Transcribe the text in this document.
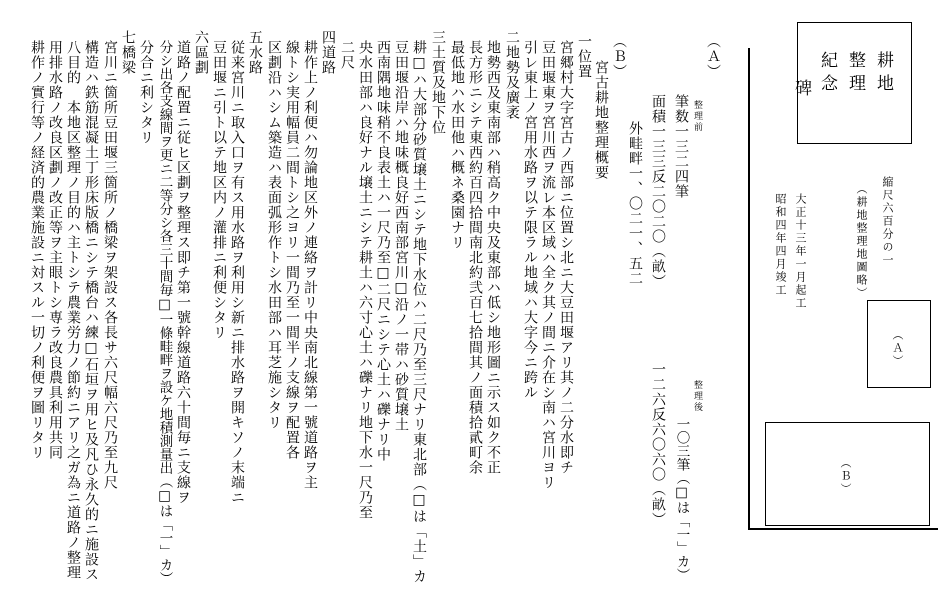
（Ａ）	耕地
整理
紀念
碑
縮尺六百分の一
（耕地整理地圖略）
大正十三年一月起工
昭和四年四月竣工
（Ａ）
（Ｂ）
整理後
一〇三筆（□は「一」カ）
一二六反六〇六〇（畝）
整理前
筆数一三二四筆
面積一三三反二〇二〇（畝）
外畦畔一、〇二一、五二
（Ｂ）
宮古耕地整理概要
一位置
宮郷村大字宮古ノ西部ニ位置シ北ニ大豆田堰アリ其ノ二分水即チ
豆田堰東ヲ宮川西ヲ流レ本区域ハ全ク其ノ間ニ介在シ南ハ宮川ヨリ
引レ東上ノ宮用水路ヲ以テ限ラル地域ハ大字今ニ跨ル
二地勢及廣袤
地勢西及東南部ハ稍高ク中央及東部ハ低シ地形圖ニ示ス如ク不正
長方形ニシテ東西約百四拾間南北約弐百七拾間其ノ面積拾貳町余
最低地ハ水田他ハ概ネ桑園ナリ
三土質及地下位
耕□ハ大部分砂質壌土ニシテ地下水位ハ二尺乃至三尺ナリ東北部（□は「土」カ
豆田堰沿岸ハ地味概良好西南部宮川□沿ノ一帯ハ砂質壌土
西南隅地味稍不良表土ハ一尺乃至□二尺ニシテ心土ハ礫ナリ中
央水田部ハ良好ナル壌土ニシテ耕土ハ六寸心土ハ礫ナリ地下水一尺乃至
二尺
四道路
耕作上ノ利便ハ勿論地区外ノ連絡ヲ計リ中央南北線第一號道路ヲ主
線トシ実用幅員二間トシ之ヨリ一間乃至一間半ノ支線ヲ配置各
区劃沿ハシム築造ハ表面弧形作トシ水田部ハ耳芝施シタリ
五水路
従来宮川ニ取入口ヲ有ス用水路ヲ利用シ新ニ排水路ヲ開キソノ末端ニ
豆田堰ニ引ト以テ地区内ノ灌排ニ利便シタリ
六區劃
道路ノ配置ニ従ヒ区劃ヲ整理ス即チ第一號幹線道路六十間毎ニ支線ヲ
分シ出各支線間ヲ更ニ二等分シ各三十間毎□一條畦畔ヲ設ケ地積測量出（□は「一」カ）
分合ニ利シタリ
七橋梁
宮川ニ箇所豆田堰三箇所ノ橋梁ヲ架設ス各長サ六尺幅六尺乃至九尺
構造ハ鉄筋混凝土丁形床版橋ニシテ橋台ハ練□石垣ヲ用ヒ及凡ひ永久的ニ施設ス
八目的　本地区整理ノ目的ハ主トシテ農業労力ノ節約ニアリ之ガ為ニ道路ノ整理
用排水路ノ改良区劃ノ改正等ヲ主眼トシ専ラ改良農具利用共同
耕作ノ實行等ノ経済的農業施設ニ対スル一切ノ利便ヲ圖リタリ
